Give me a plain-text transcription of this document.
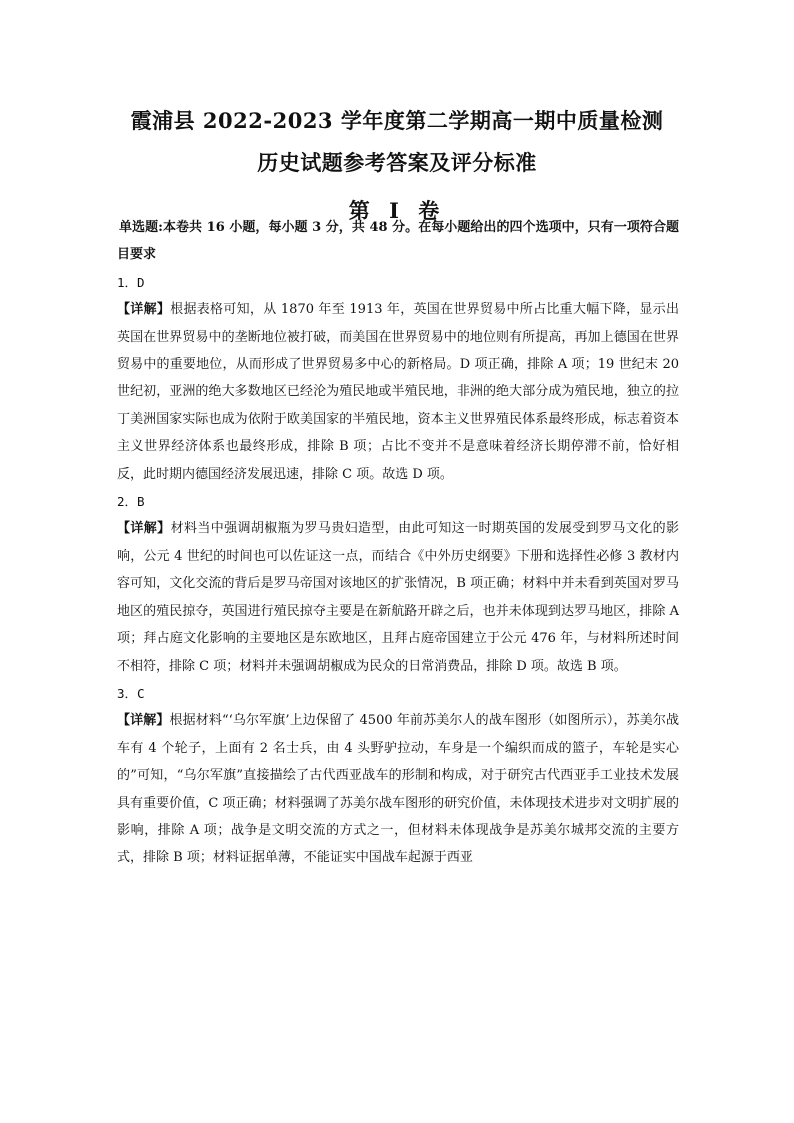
霞浦县 2022-2023 学年度第二学期高一期中质量检测
历史试题参考答案及评分标准
第 Ⅰ 卷

单选题:本卷共 16 小题，每小题 3 分，共 48 分。在每小题给出的四个选项中，只有一项符合题目要求

1．D

【详解】根据表格可知，从 1870 年至 1913 年，英国在世界贸易中所占比重大幅下降，显示出英国在世界贸易中的垄断地位被打破，而美国在世界贸易中的地位则有所提高，再加上德国在世界贸易中的重要地位，从而形成了世界贸易多中心的新格局。D 项正确，排除 A 项；19 世纪末 20 世纪初，亚洲的绝大多数地区已经沦为殖民地或半殖民地，非洲的绝大部分成为殖民地，独立的拉丁美洲国家实际也成为依附于欧美国家的半殖民地，资本主义世界殖民体系最终形成，标志着资本主义世界经济体系也最终形成，排除 B 项；占比不变并不是意味着经济长期停滞不前，恰好相反，此时期内德国经济发展迅速，排除 C 项。故选 D 项。

2．B

【详解】材料当中强调胡椒瓶为罗马贵妇造型，由此可知这一时期英国的发展受到罗马文化的影响，公元 4 世纪的时间也可以佐证这一点，而结合《中外历史纲要》下册和选择性必修 3 教材内容可知，文化交流的背后是罗马帝国对该地区的扩张情况，B 项正确；材料中并未看到英国对罗马地区的殖民掠夺，英国进行殖民掠夺主要是在新航路开辟之后，也并未体现到达罗马地区，排除 A 项；拜占庭文化影响的主要地区是东欧地区，且拜占庭帝国建立于公元 476 年，与材料所述时间不相符，排除 C 项；材料并未强调胡椒成为民众的日常消费品，排除 D 项。故选 B 项。

3．C

【详解】根据材料“‘乌尔军旗’上边保留了 4500 年前苏美尔人的战车图形（如图所示），苏美尔战车有 4 个轮子，上面有 2 名士兵，由 4 头野驴拉动，车身是一个编织而成的篮子，车轮是实心的”可知，“乌尔军旗”直接描绘了古代西亚战车的形制和构成，对于研究古代西亚手工业技术发展具有重要价值，C 项正确；材料强调了苏美尔战车图形的研究价值，未体现技术进步对文明扩展的影响，排除 A 项；战争是文明交流的方式之一，但材料未体现战争是苏美尔城邦交流的主要方式，排除 B 项；材料证据单薄，不能证实中国战车起源于西亚
